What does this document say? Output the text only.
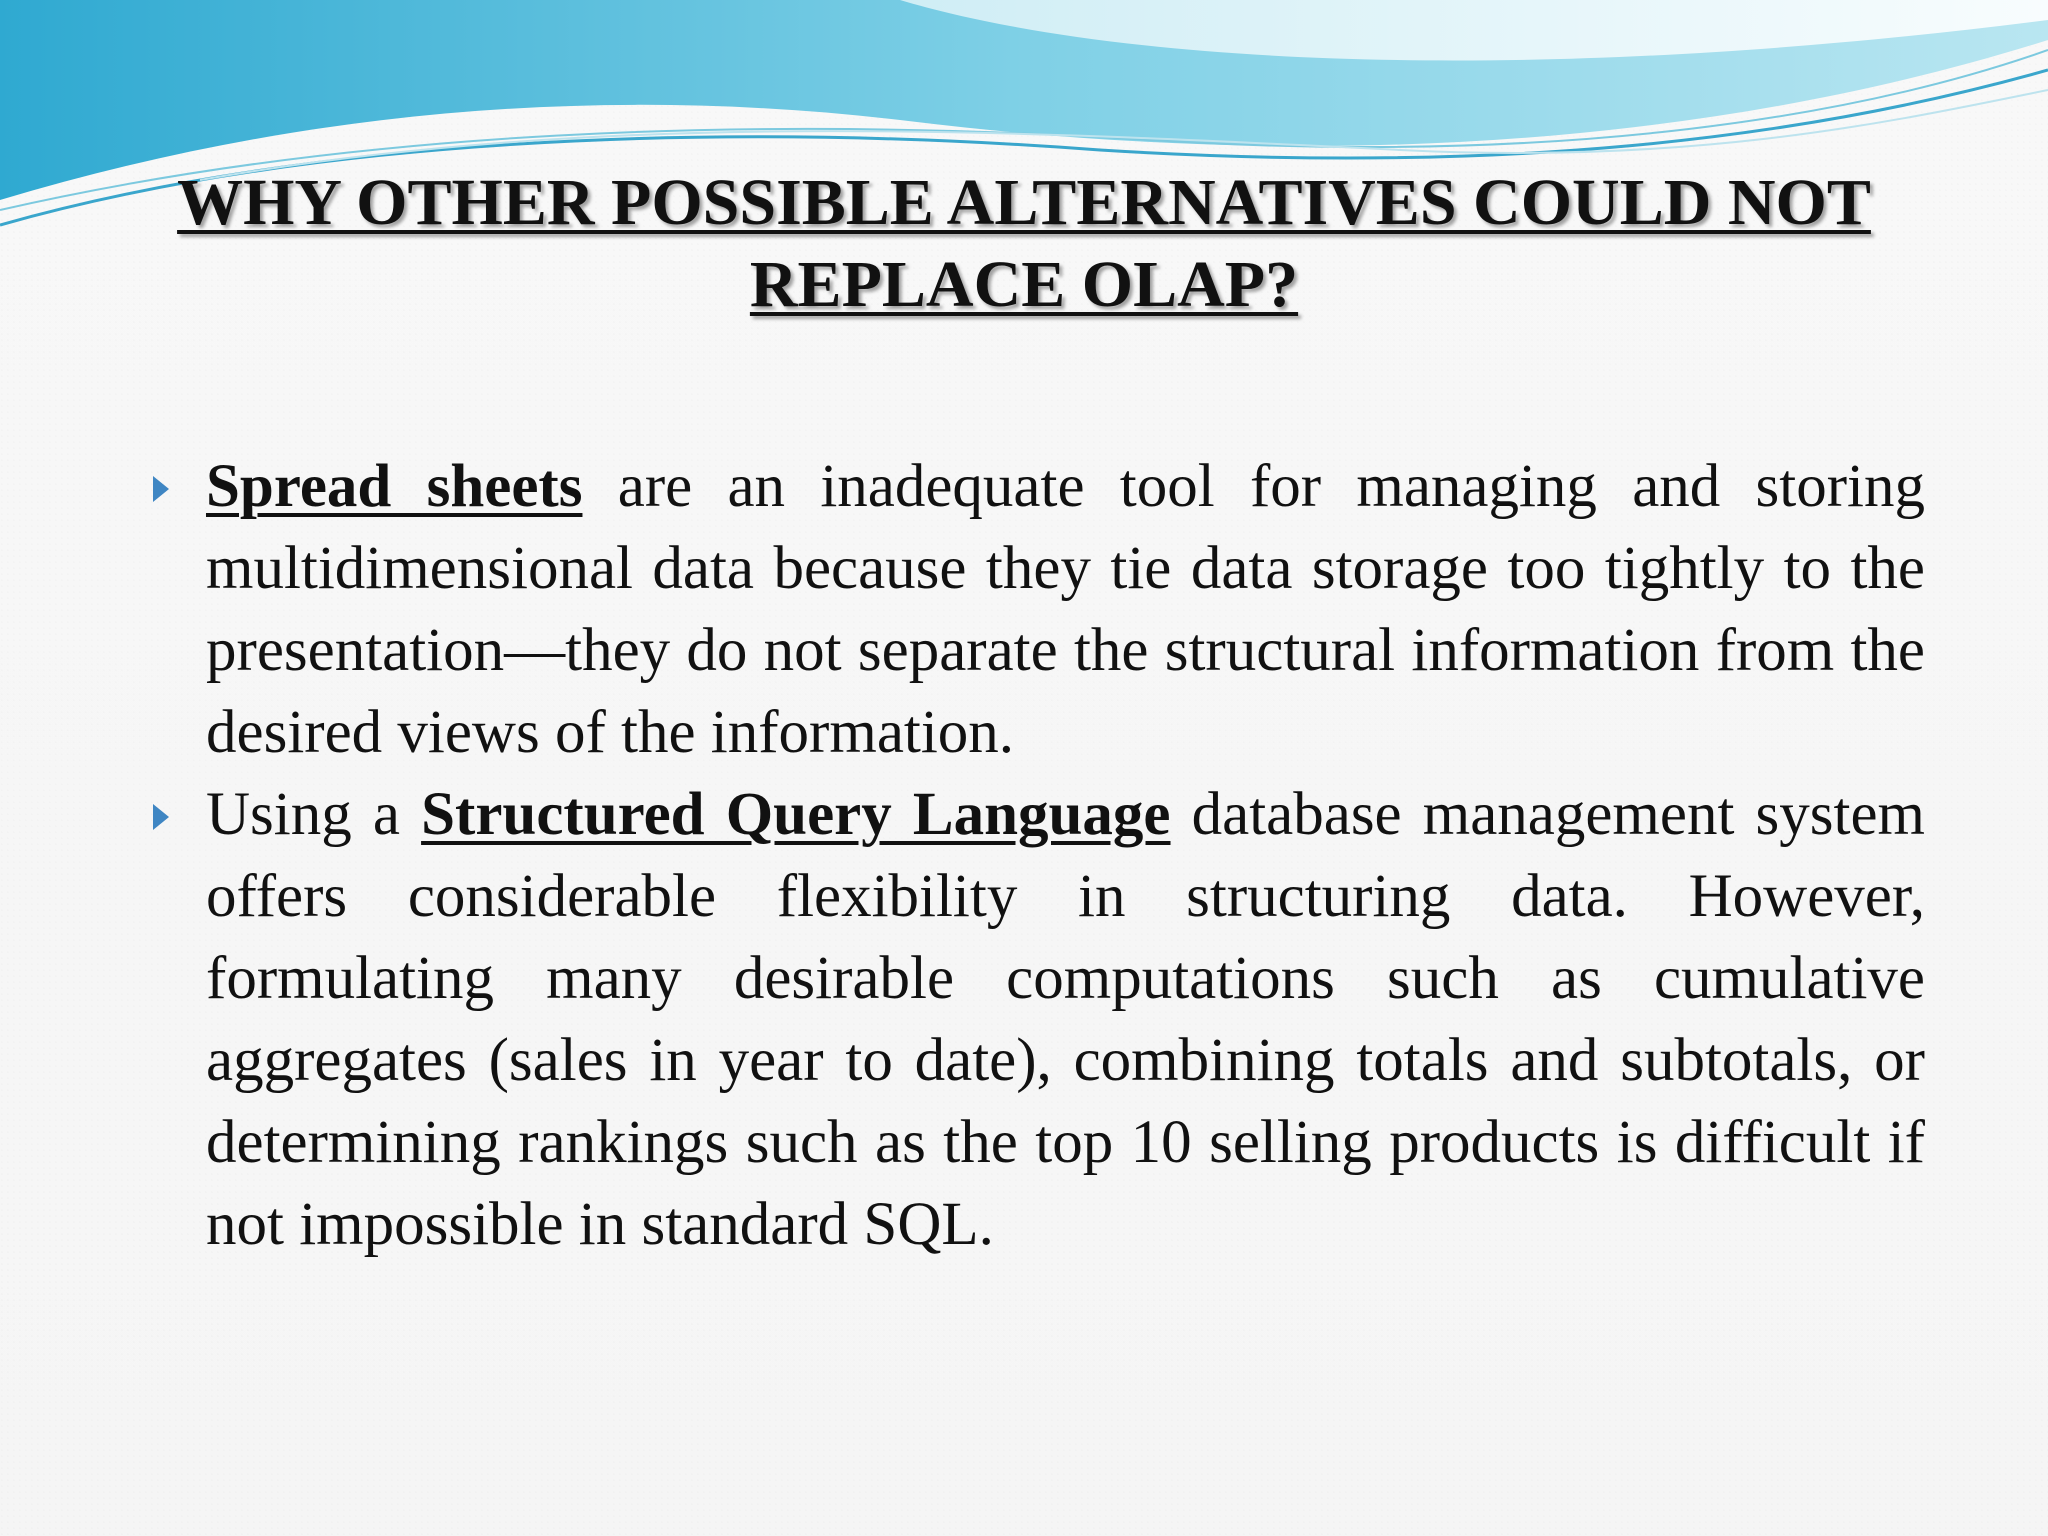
WHY OTHER POSSIBLE ALTERNATIVES COULD NOT
REPLACE OLAP?
Spread sheets are an inadequate tool for managing and storing multidimensional data because they tie data storage too tightly to the presentation—they do not separate the structural information from the desired views of the information.
Using a Structured Query Language database management system offers considerable flexibility in structuring data. However, formulating many desirable computations such as cumulative aggregates (sales in year to date), combining totals and subtotals, or determining rankings such as the top 10 selling products is difficult if not impossible in standard SQL.
